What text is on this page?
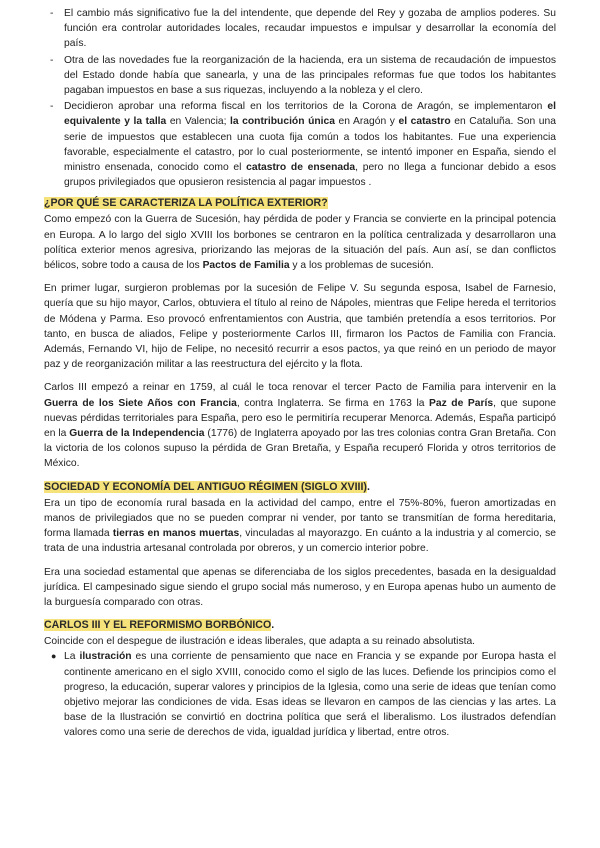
- El cambio más significativo fue la del intendente, que depende del Rey y gozaba de amplios poderes. Su función era controlar autoridades locales, recaudar impuestos e impulsar y desarrollar la economía del país.
- Otra de las novedades fue la reorganización de la hacienda, era un sistema de recaudación de impuestos del Estado donde había que sanearla, y una de las principales reformas fue que todos los habitantes pagaban impuestos en base a sus riquezas, incluyendo a la nobleza y el clero.
- Decidieron aprobar una reforma fiscal en los territorios de la Corona de Aragón, se implementaron el equivalente y la talla en Valencia; la contribución única en Aragón y el catastro en Cataluña. Son una serie de impuestos que establecen una cuota fija común a todos los habitantes. Fue una experiencia favorable, especialmente el catastro, por lo cual posteriormente, se intentó imponer en España, siendo el ministro ensenada, conocido como el catastro de ensenada, pero no llega a funcionar debido a esos grupos privilegiados que opusieron resistencia al pagar impuestos .
¿POR QUÉ SE CARACTERIZA LA POLÍTICA EXTERIOR?

Como empezó con la Guerra de Sucesión, hay pérdida de poder y Francia se convierte en la principal potencia en Europa. A lo largo del siglo XVIII los borbones se centraron en la política centralizada y desarrollaron una política exterior menos agresiva, priorizando las mejoras de la situación del país. Aun así, se dan conflictos bélicos, sobre todo a causa de los Pactos de Familia y a los problemas de sucesión.

En primer lugar, surgieron problemas por la sucesión de Felipe V. Su segunda esposa, Isabel de Farnesio, quería que su hijo mayor, Carlos, obtuviera el título al reino de Nápoles, mientras que Felipe hereda el territorios de Módena y Parma. Eso provocó enfrentamientos con Austria, que también pretendía a esos territorios. Por tanto, en busca de aliados, Felipe y posteriormente Carlos III, firmaron los Pactos de Familia con Francia. Además, Fernando VI, hijo de Felipe, no necesitó recurrir a esos pactos, ya que reinó en un periodo de mayor paz y de reorganización militar a las reestructura del ejército y la flota.

Carlos III empezó a reinar en 1759, al cuál le toca renovar el tercer Pacto de Familia para intervenir en la Guerra de los Siete Años con Francia, contra Inglaterra. Se firma en 1763 la Paz de París, que supone nuevas pérdidas territoriales para España, pero eso le permitiría recuperar Menorca. Además, España participó en la Guerra de la Independencia (1776) de Inglaterra apoyado por las tres colonias contra Gran Bretaña. Con la victoria de los colonos supuso la pérdida de Gran Bretaña, y España recuperó Florida y otros territorios de México.

SOCIEDAD Y ECONOMÍA DEL ANTIGUO RÉGIMEN (SIGLO XVIII).

Era un tipo de economía rural basada en la actividad del campo, entre el 75%-80%, fueron amortizadas en manos de privilegiados que no se pueden comprar ni vender, por tanto se transmitían de forma hereditaria, forma llamada tierras en manos muertas, vinculadas al mayorazgo. En cuánto a la industria y al comercio, se trata de una industria artesanal controlada por obreros, y un comercio interior pobre.

Era una sociedad estamental que apenas se diferenciaba de los siglos precedentes, basada en la desigualdad jurídica. El campesinado sigue siendo el grupo social más numeroso, y en Europa apenas hubo un aumento de la burguesía comparado con otras.

CARLOS III Y EL REFORMISMO BORBÓNICO.

Coincide con el despegue de ilustración e ideas liberales, que adapta a su reinado absolutista.

● La ilustración es una corriente de pensamiento que nace en Francia y se expande por Europa hasta el continente americano en el siglo XVIII, conocido como el siglo de las luces. Defiende los principios como el progreso, la educación, superar valores y principios de la Iglesia, como una serie de ideas que tenían como objetivo mejorar las condiciones de vida. Esas ideas se llevaron en campos de las ciencias y las artes. La base de la Ilustración se convirtió en doctrina política que será el liberalismo. Los ilustrados defendían valores como una serie de derechos de vida, igualdad jurídica y libertad, entre otros.
